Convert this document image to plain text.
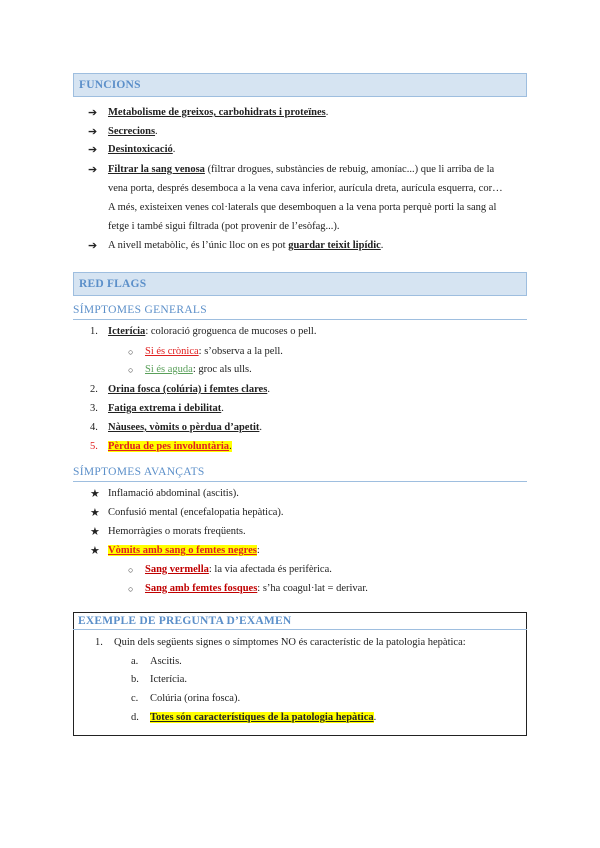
FUNCIONS
➔ Metabolisme de greixos, carbohidrats i proteïnes.
➔ Secrecions.
➔ Desintoxicació.
➔ Filtrar la sang venosa (filtrar drogues, substàncies de rebuig, amoníac...) que li arriba de la
vena porta, després desemboca a la vena cava inferior, aurícula dreta, aurícula esquerra, cor…
A més, existeixen venes col·laterals que desemboquen a la vena porta perquè porti la sang al
fetge i també sigui filtrada (pot provenir de l’esòfag...).
➔ A nivell metabòlic, és l’únic lloc on es pot guardar teixit lipídic.
RED FLAGS
SÍMPTOMES GENERALS
1. Icterícia: coloració groguenca de mucoses o pell.
○ Si és crònica: s’observa a la pell.
○ Si és aguda: groc als ulls.
2. Orina fosca (colúria) i femtes clares.
3. Fatiga extrema i debilitat.
4. Nàusees, vòmits o pèrdua d’apetit.
5. Pèrdua de pes involuntària.
SÍMPTOMES AVANÇATS
★ Inflamació abdominal (ascitis).
★ Confusió mental (encefalopatia hepàtica).
★ Hemorràgies o morats freqüents.
★ Vòmits amb sang o femtes negres:
○ Sang vermella: la via afectada és perifèrica.
○ Sang amb femtes fosques: s’ha coagul·lat = derivar.
EXEMPLE DE PREGUNTA D’EXAMEN
1. Quin dels següents signes o símptomes NO és característic de la patologia hepàtica:
a. Ascitis.
b. Icterícia.
c. Colúria (orina fosca).
d. Totes són característiques de la patologia hepàtica.
